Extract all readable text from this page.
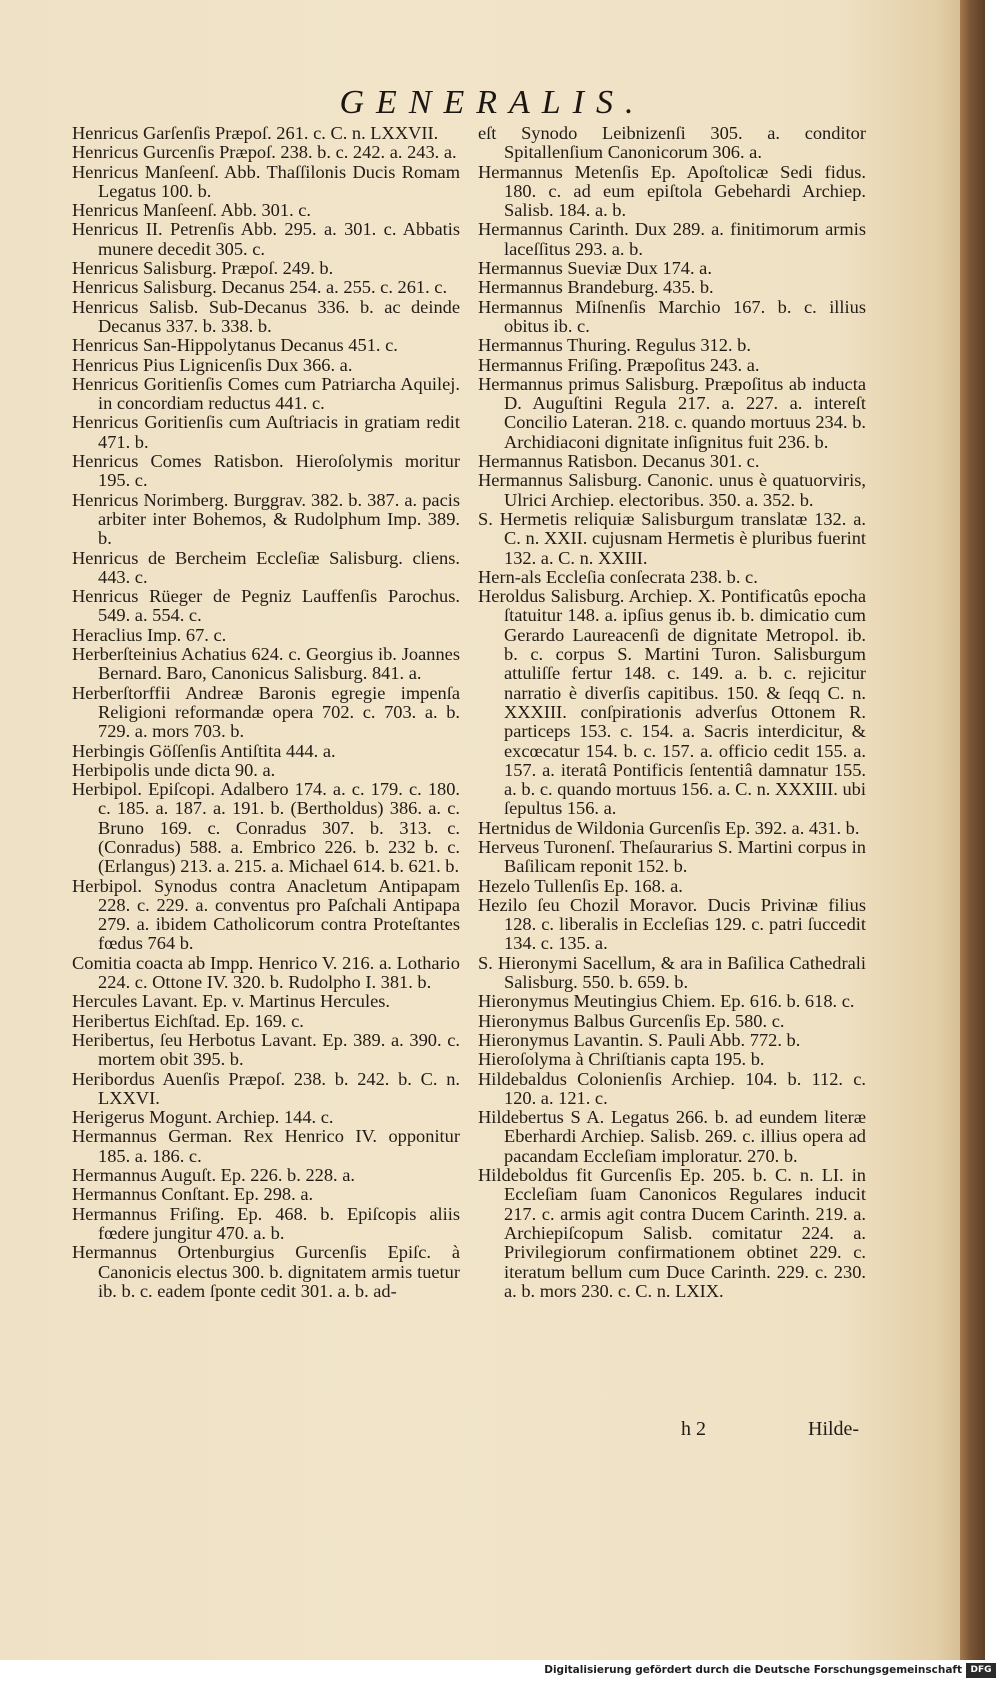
GENERALIS.

Henricus Garſenſis Præpoſ. 261. c. C. n. LXXVII.

Henricus Gurcenſis Præpoſ. 238. b. c. 242. a. 243. a.

Henricus Manſeenſ. Abb. Thaſſilonis Ducis Romam Legatus 100. b.

Henricus Manſeenſ. Abb. 301. c.

Henricus II. Petrenſis Abb. 295. a. 301. c. Abbatis munere decedit 305. c.

Henricus Salisburg. Præpoſ. 249. b.

Henricus Salisburg. Decanus 254. a. 255. c. 261. c.

Henricus Salisb. Sub-Decanus 336. b. ac deinde Decanus 337. b. 338. b.

Henricus San-Hippolytanus Decanus 451. c.

Henricus Pius Lignicenſis Dux 366. a.

Henricus Goritienſis Comes cum Patriarcha Aquilej. in concordiam reductus 441. c.

Henricus Goritienſis cum Auſtriacis in gratiam redit 471. b.

Henricus Comes Ratisbon. Hieroſolymis moritur 195. c.

Henricus Norimberg. Burggrav. 382. b. 387. a. pacis arbiter inter Bohemos, & Rudolphum Imp. 389. b.

Henricus de Bercheim Eccleſiæ Salisburg. cliens. 443. c.

Henricus Rüeger de Pegniz Lauffenſis Parochus. 549. a. 554. c.

Heraclius Imp. 67. c.

Herberſteinius Achatius 624. c. Georgius ib. Joannes Bernard. Baro, Canonicus Salisburg. 841. a.

Herberſtorffii Andreæ Baronis egregie impenſa Religioni reformandæ opera 702. c. 703. a. b. 729. a. mors 703. b.

Herbingis Göſſenſis Antiſtita 444. a.

Herbipolis unde dicta 90. a.

Herbipol. Epiſcopi. Adalbero 174. a. c. 179. c. 180. c. 185. a. 187. a. 191. b. (Bertholdus) 386. a. c. Bruno 169. c. Conradus 307. b. 313. c. (Conradus) 588. a. Embrico 226. b. 232 b. c. (Erlangus) 213. a. 215. a. Michael 614. b. 621. b.

Herbipol. Synodus contra Anacletum Antipapam 228. c. 229. a. conventus pro Paſchali Antipapa 279. a. ibidem Catholicorum contra Proteſtantes fœdus 764 b.

Comitia coacta ab Impp. Henrico V. 216. a. Lothario 224. c. Ottone IV. 320. b. Rudolpho I. 381. b.

Hercules Lavant. Ep. v. Martinus Hercules.

Heribertus Eichſtad. Ep. 169. c.

Heribertus, ſeu Herbotus Lavant. Ep. 389. a. 390. c. mortem obit 395. b.

Heribordus Auenſis Præpoſ. 238. b. 242. b. C. n. LXXVI.

Herigerus Mogunt. Archiep. 144. c.

Hermannus German. Rex Henrico IV. opponitur 185. a. 186. c.

Hermannus Auguſt. Ep. 226. b. 228. a.

Hermannus Conſtant. Ep. 298. a.

Hermannus Friſing. Ep. 468. b. Epiſcopis aliis fœdere jungitur 470. a. b.

Hermannus Ortenburgius Gurcenſis Epiſc. à Canonicis electus 300. b. dignitatem armis tuetur ib. b. c. eadem ſponte cedit 301. a. b. ad-

eſt Synodo Leibnizenſi 305. a. conditor Spitallenſium Canonicorum 306. a.

Hermannus Metenſis Ep. Apoſtolicæ Sedi fidus. 180. c. ad eum epiſtola Gebehardi Archiep. Salisb. 184. a. b.

Hermannus Carinth. Dux 289. a. finitimorum armis laceſſitus 293. a. b.

Hermannus Sueviæ Dux 174. a.

Hermannus Brandeburg. 435. b.

Hermannus Miſnenſis Marchio 167. b. c. illius obitus ib. c.

Hermannus Thuring. Regulus 312. b.

Hermannus Friſing. Præpoſitus 243. a.

Hermannus primus Salisburg. Præpoſitus ab inducta D. Auguſtini Regula 217. a. 227. a. intereſt Concilio Lateran. 218. c. quando mortuus 234. b. Archidiaconi dignitate inſignitus fuit 236. b.

Hermannus Ratisbon. Decanus 301. c.

Hermannus Salisburg. Canonic. unus è quatuorviris, Ulrici Archiep. electoribus. 350. a. 352. b.

S. Hermetis reliquiæ Salisburgum translatæ 132. a. C. n. XXII. cujusnam Hermetis è pluribus fuerint 132. a. C. n. XXIII.

Hern-als Eccleſia conſecrata 238. b. c.

Heroldus Salisburg. Archiep. X. Pontificatûs epocha ſtatuitur 148. a. ipſius genus ib. b. dimicatio cum Gerardo Laureacenſi de dignitate Metropol. ib. b. c. corpus S. Martini Turon. Salisburgum attuliſſe fertur 148. c. 149. a. b. c. rejicitur narratio è diverſis capitibus. 150. & ſeqq C. n. XXXIII. conſpirationis adverſus Ottonem R. particeps 153. c. 154. a. Sacris interdicitur, & excœcatur 154. b. c. 157. a. officio cedit 155. a. 157. a. iteratâ Pontificis ſententiâ damnatur 155. a. b. c. quando mortuus 156. a. C. n. XXXIII. ubi ſepultus 156. a.

Hertnidus de Wildonia Gurcenſis Ep. 392. a. 431. b.

Herveus Turonenſ. Theſaurarius S. Martini corpus in Baſilicam reponit 152. b.

Hezelo Tullenſis Ep. 168. a.

Hezilo ſeu Chozil Moravor. Ducis Privinæ filius 128. c. liberalis in Eccleſias 129. c. patri ſuccedit 134. c. 135. a.

S. Hieronymi Sacellum, & ara in Baſilica Cathedrali Salisburg. 550. b. 659. b.

Hieronymus Meutingius Chiem. Ep. 616. b. 618. c.

Hieronymus Balbus Gurcenſis Ep. 580. c.

Hieronymus Lavantin. S. Pauli Abb. 772. b.

Hieroſolyma à Chriſtianis capta 195. b.

Hildebaldus Colonienſis Archiep. 104. b. 112. c. 120. a. 121. c.

Hildebertus S A. Legatus 266. b. ad eundem literæ Eberhardi Archiep. Salisb. 269. c. illius opera ad pacandam Eccleſiam imploratur. 270. b.

Hildeboldus fit Gurcenſis Ep. 205. b. C. n. LI. in Eccleſiam ſuam Canonicos Regulares inducit 217. c. armis agit contra Ducem Carinth. 219. a. Archiepiſcopum Salisb. comitatur 224. a. Privilegiorum confirmationem obtinet 229. c. iteratum bellum cum Duce Carinth. 229. c. 230. a. b. mors 230. c. C. n. LXIX.

h 2	Hilde-
Digitalisierung gefördert durch die Deutsche Forschungsgemeinschaft DFG
